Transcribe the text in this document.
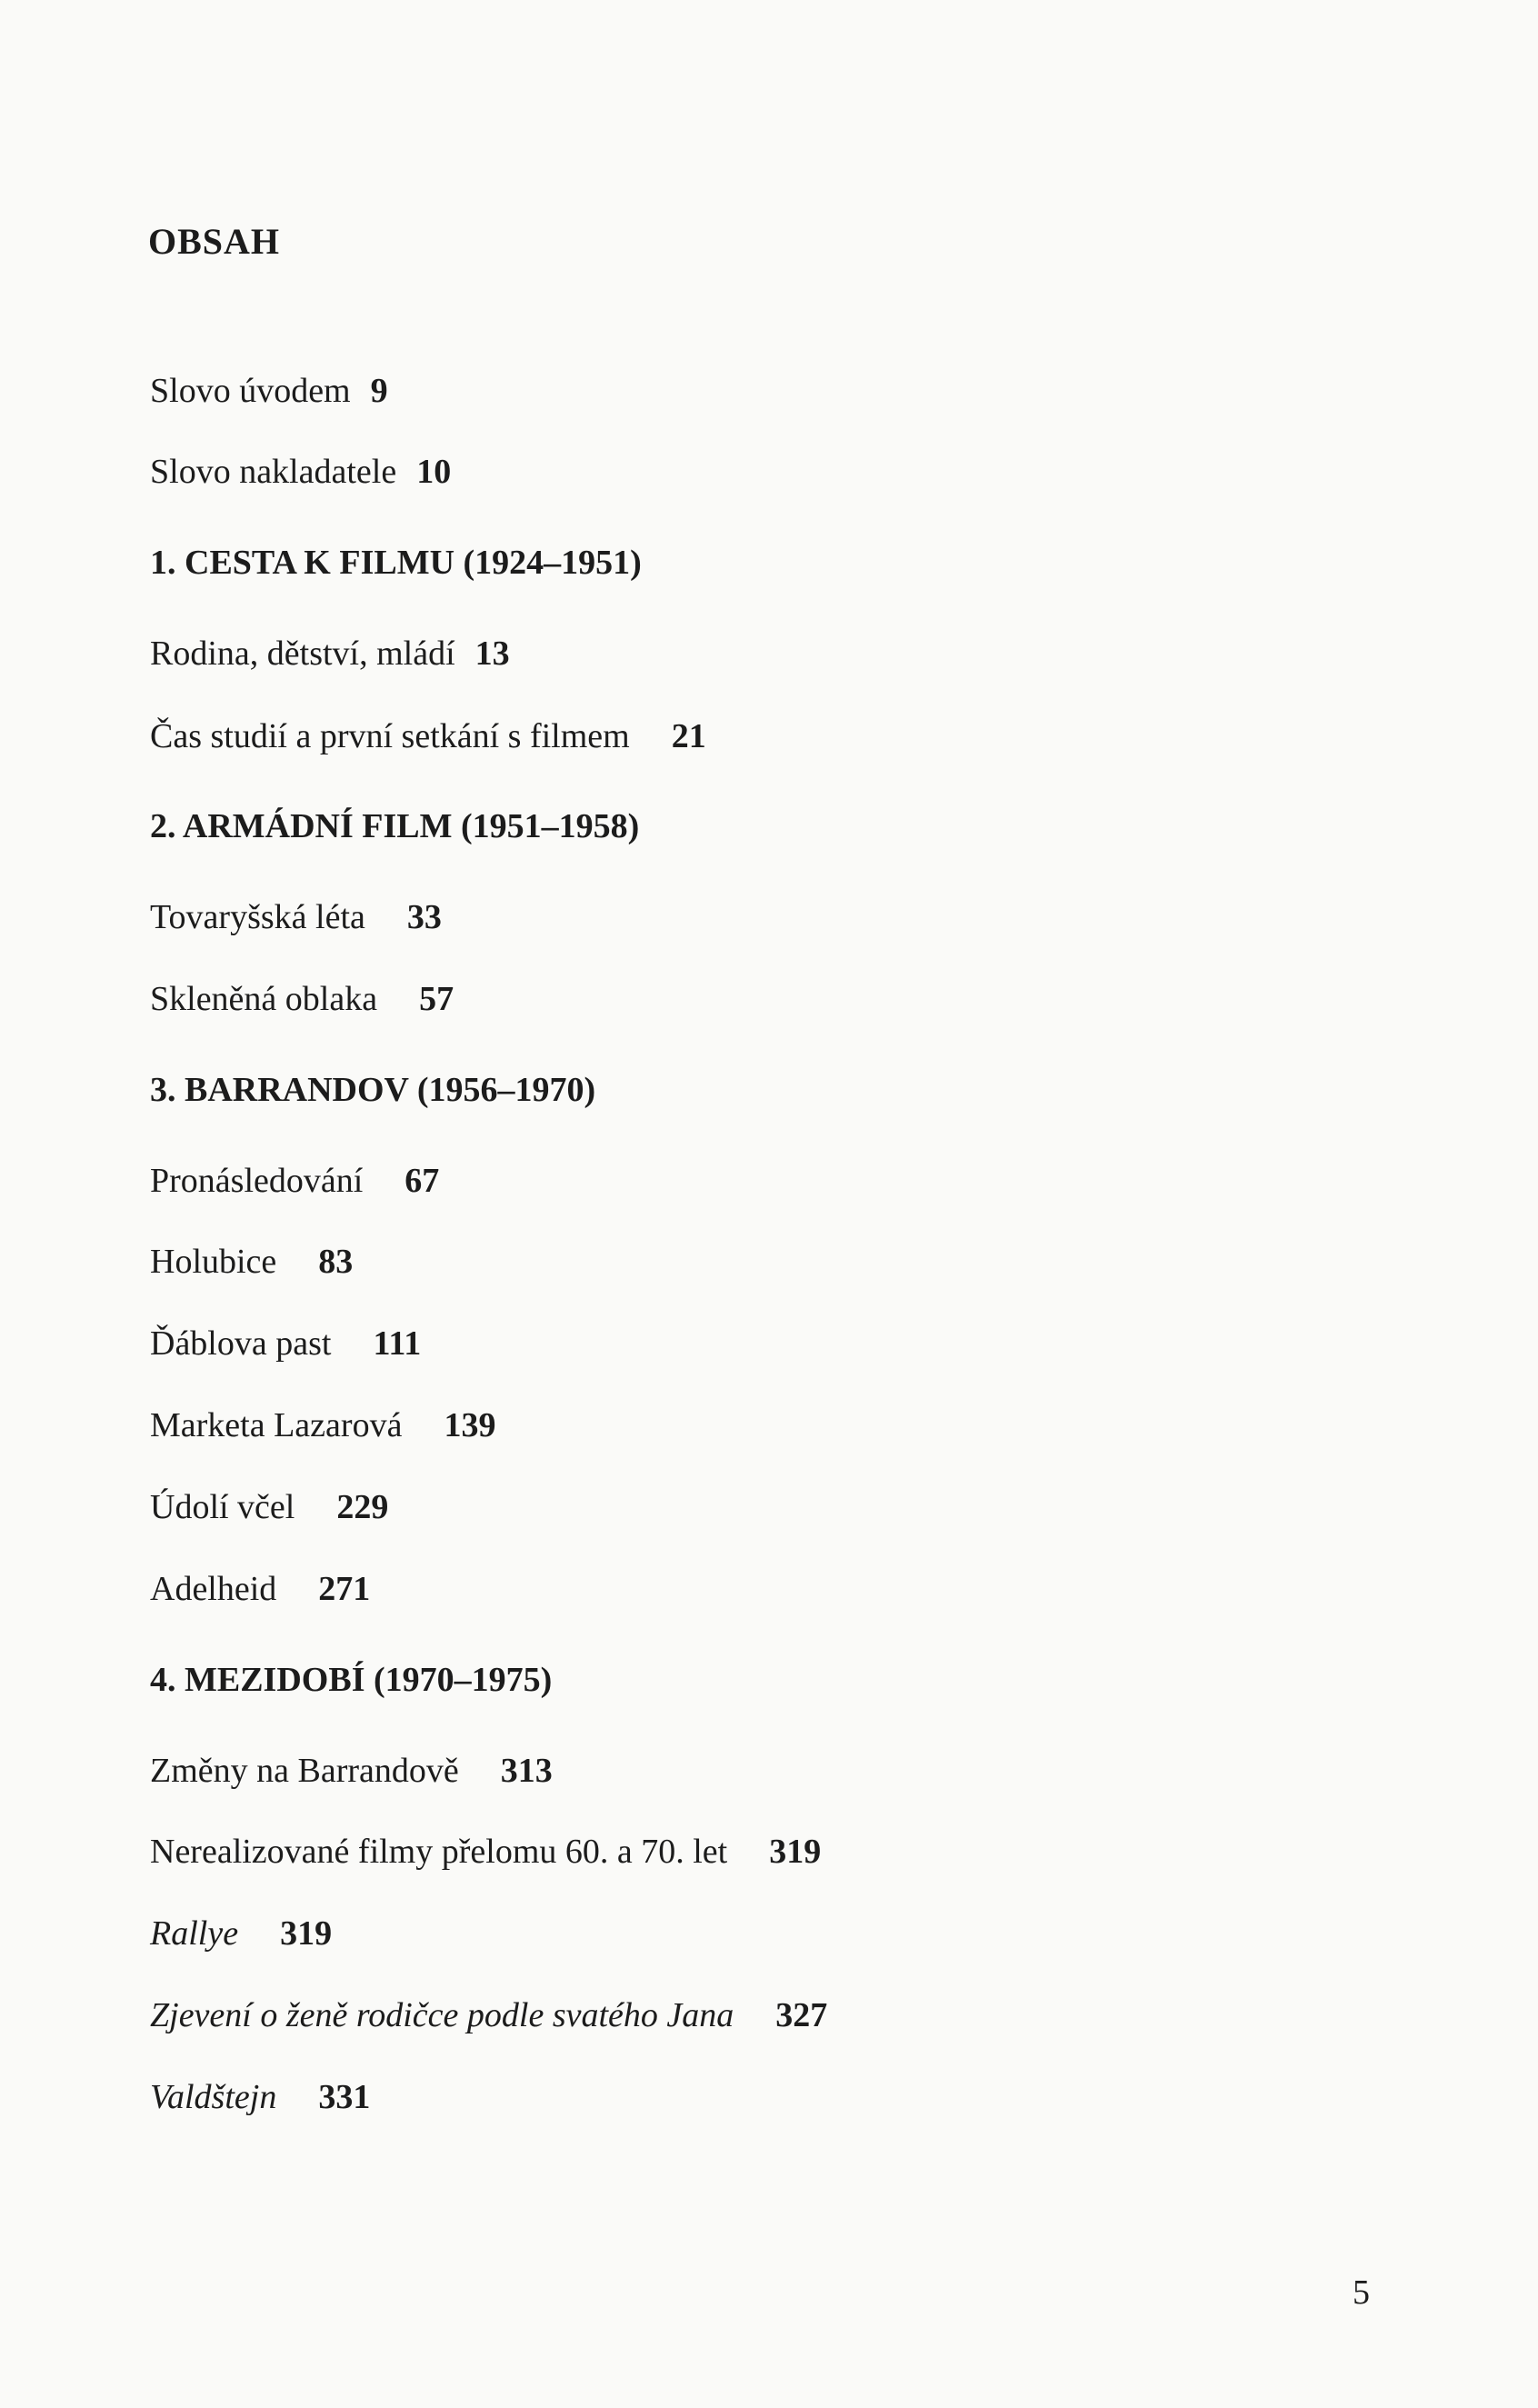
OBSAH
Slovo úvodem 9
Slovo nakladatele 10
1. CESTA K FILMU (1924–1951)
Rodina, dětství, mládí 13
Čas studií a první setkání s filmem 21
2. ARMÁDNÍ FILM (1951–1958)
Tovaryšská léta 33
Skleněná oblaka 57
3. BARRANDOV (1956–1970)
Pronásledování 67
Holubice 83
Ďáblova past 111
Marketa Lazarová 139
Údolí včel 229
Adelheid 271
4. MEZIDOBÍ (1970–1975)
Změny na Barrandově 313
Nerealizované filmy přelomu 60. a 70. let 319
Rallye 319
Zjevení o ženě rodičce podle svatého Jana 327
Valdštejn 331
5
